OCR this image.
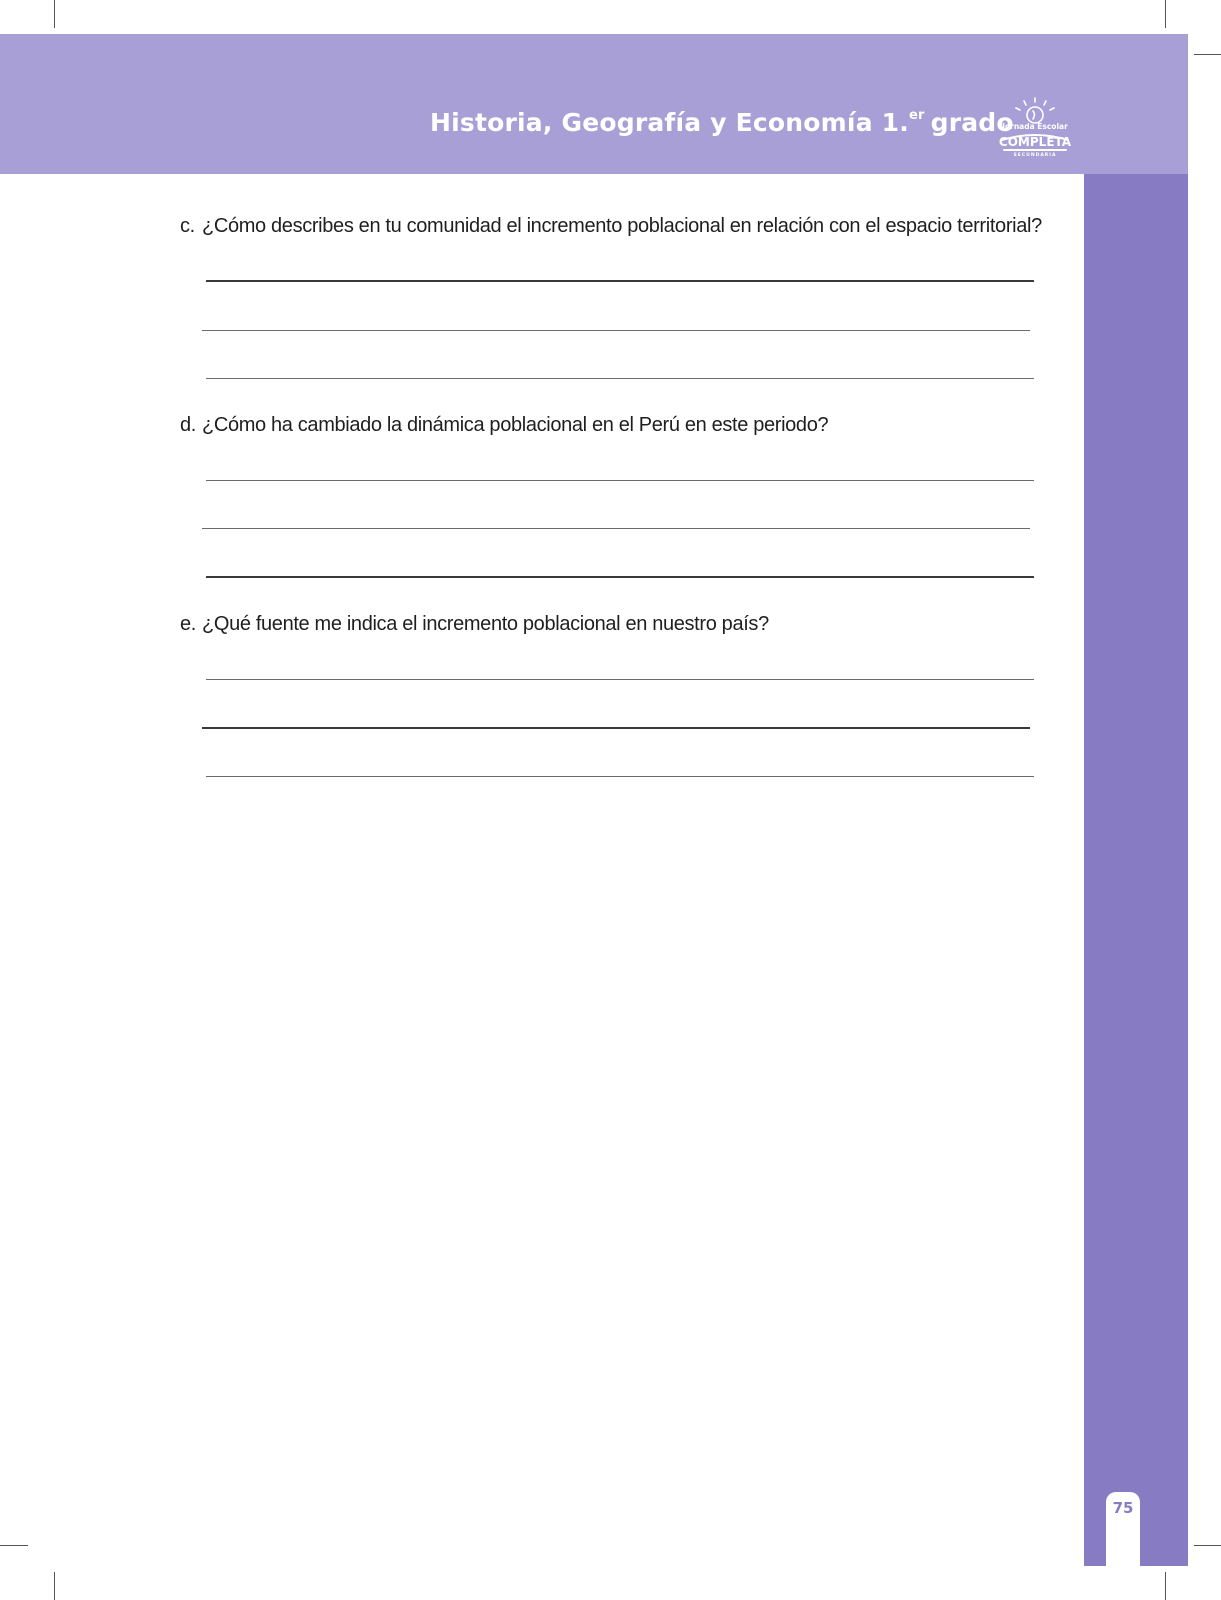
Historia, Geografía y Economía 1.$^{er}$ grado
Jornada Escolar
COMPLETA
SECUNDARIA
75
c. ¿Cómo describes en tu comunidad el incremento poblacional en relación con el espacio territorial?
d. ¿Cómo ha cambiado la dinámica poblacional en el Perú en este periodo?
e. ¿Qué fuente me indica el incremento poblacional en nuestro país?
